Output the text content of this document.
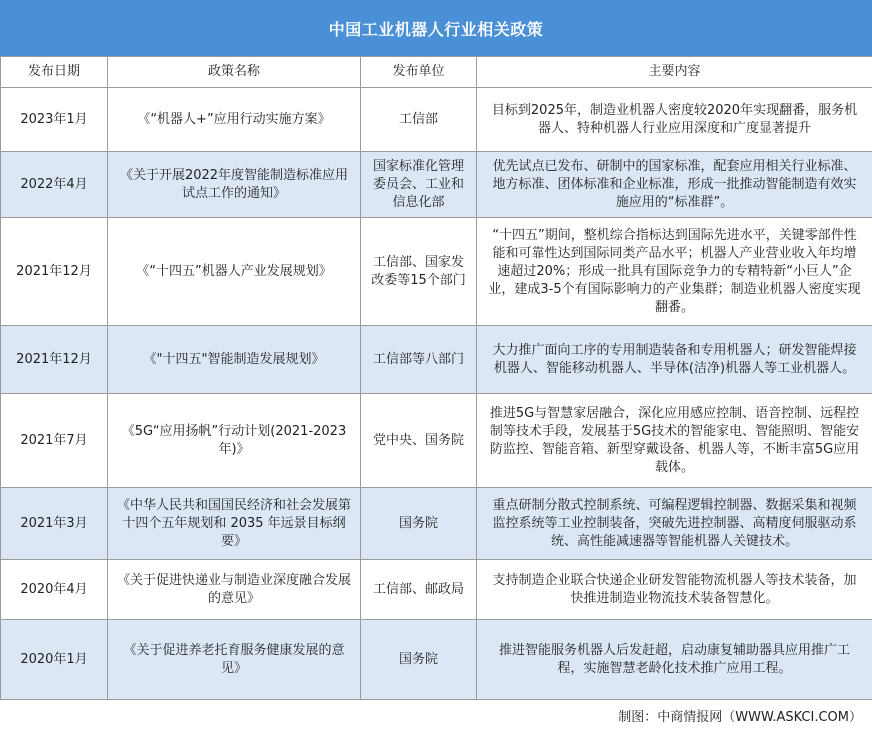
中国工业机器人行业相关政策
发布日期	政策名称	发布单位	主要内容
2023年1月	《“机器人+”应用行动实施方案》	工信部	目标到2025年，制造业机器人密度较2020年实现翻番，服务机器人、特种机器人行业应用深度和广度显著提升
2022年4月	《关于开展2022年度智能制造标准应用试点工作的通知》	国家标准化管理委员会、工业和信息化部	优先试点已发布、研制中的国家标准，配套应用相关行业标准、地方标准、团体标准和企业标准，形成一批推动智能制造有效实施应用的“标准群”。
2021年12月	《“十四五”机器人产业发展规划》	工信部、国家发改委等15个部门	“十四五”期间，整机综合指标达到国际先进水平，关键零部件性能和可靠性达到国际同类产品水平；机器人产业营业收入年均增速超过20%；形成一批具有国际竞争力的专精特新“小巨人”企业，建成3-5个有国际影响力的产业集群；制造业机器人密度实现翻番。
2021年12月	《"十四五"智能制造发展规划》	工信部等八部门	大力推广面向工序的专用制造装备和专用机器人；研发智能焊接机器人、智能移动机器人、半导体(洁净)机器人等工业机器人。
2021年7月	《5G“应用扬帆”行动计划(2021-2023年)》	党中央、国务院	推进5G与智慧家居融合，深化应用感应控制、语音控制、远程控制等技术手段，发展基于5G技术的智能家电、智能照明、智能安防监控、智能音箱、新型穿戴设备、机器人等，不断丰富5G应用载体。
2021年3月	《中华人民共和国国民经济和社会发展第十四个五年规划和 2035 年远景目标纲要》	国务院	重点研制分散式控制系统、可编程逻辑控制器、数据采集和视频监控系统等工业控制装备，突破先进控制器、高精度伺服驱动系统、高性能减速器等智能机器人关键技术。
2020年4月	《关于促进快递业与制造业深度融合发展的意见》	工信部、邮政局	支持制造企业联合快递企业研发智能物流机器人等技术装备，加快推进制造业物流技术装备智慧化。
2020年1月	《关于促进养老托育服务健康发展的意见》	国务院	推进智能服务机器人后发赶超，启动康复辅助器具应用推广工程，实施智慧老龄化技术推广应用工程。
制图：中商情报网（WWW.ASKCI.COM）
